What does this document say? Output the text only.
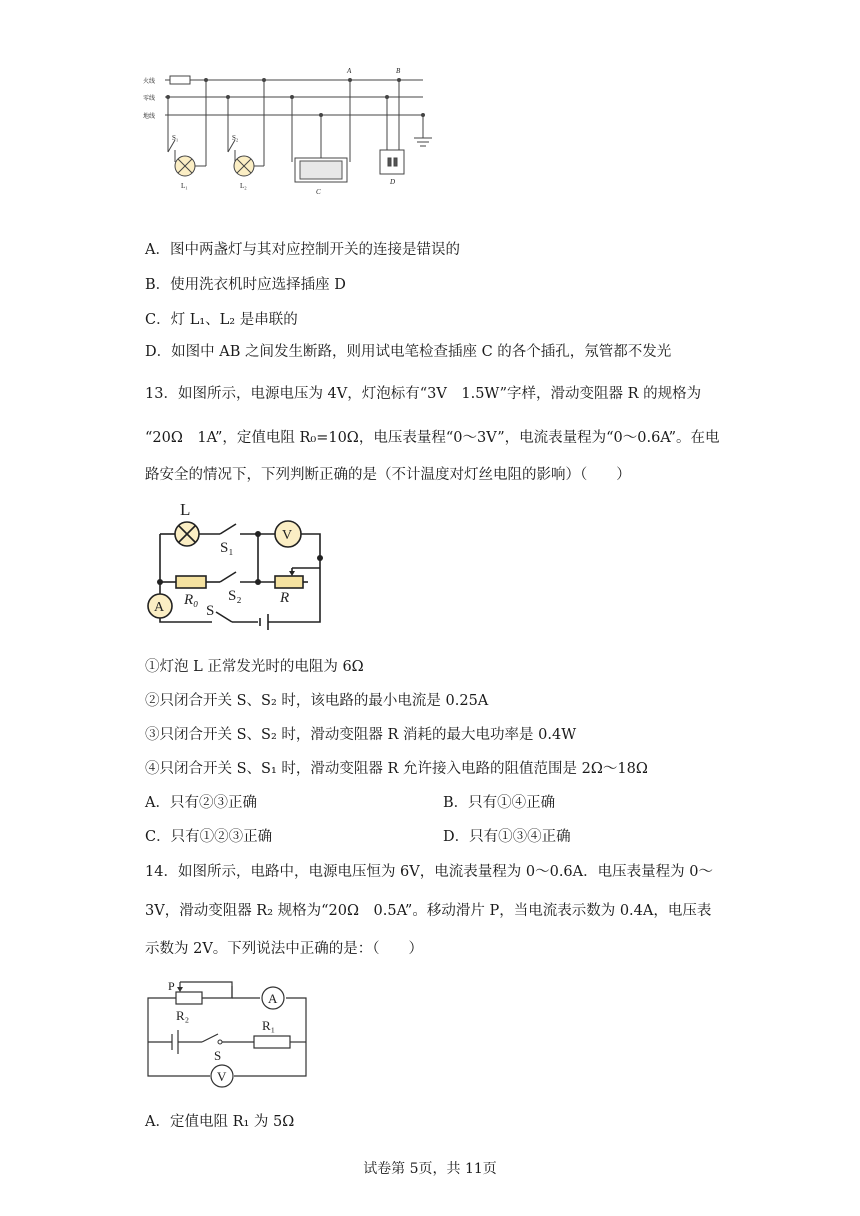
火线
零线
地线
S₁	S₂
L₁	L₂
A	B
C
D
A．图中两盏灯与其对应控制开关的连接是错误的
B．使用洗衣机时应选择插座 D
C．灯 L₁、L₂ 是串联的
D．如图中 AB 之间发生断路，则用试电笔检查插座 C 的各个插孔，氖管都不发光
13．如图所示，电源电压为 4V，灯泡标有“3V　1.5W”字样，滑动变阻器 R 的规格为
“20Ω　1A”，定值电阻 R₀=10Ω，电压表量程“0～3V”，电流表量程为“0～0.6A”。在电
路安全的情况下，下列判断正确的是（不计温度对灯丝电阻的影响）（　　）
V
A
L
S₁
S₂
R₀	R
S
①灯泡 L 正常发光时的电阻为 6Ω
②只闭合开关 S、S₂ 时，该电路的最小电流是 0.25A
③只闭合开关 S、S₂ 时，滑动变阻器 R 消耗的最大电功率是 0.4W
④只闭合开关 S、S₁ 时，滑动变阻器 R 允许接入电路的阻值范围是 2Ω～18Ω
A．只有②③正确	B．只有①④正确
C．只有①②③正确	D．只有①③④正确
14．如图所示，电路中，电源电压恒为 6V，电流表量程为 0～0.6A．电压表量程为 0～
3V，滑动变阻器 R₂ 规格为“20Ω　0.5A”。移动滑片 P，当电流表示数为 0.4A，电压表
示数为 2V。下列说法中正确的是：（　　）
A
V
P
R₂
R₁
S
A．定值电阻 R₁ 为 5Ω
试卷第 5页，共 11页
